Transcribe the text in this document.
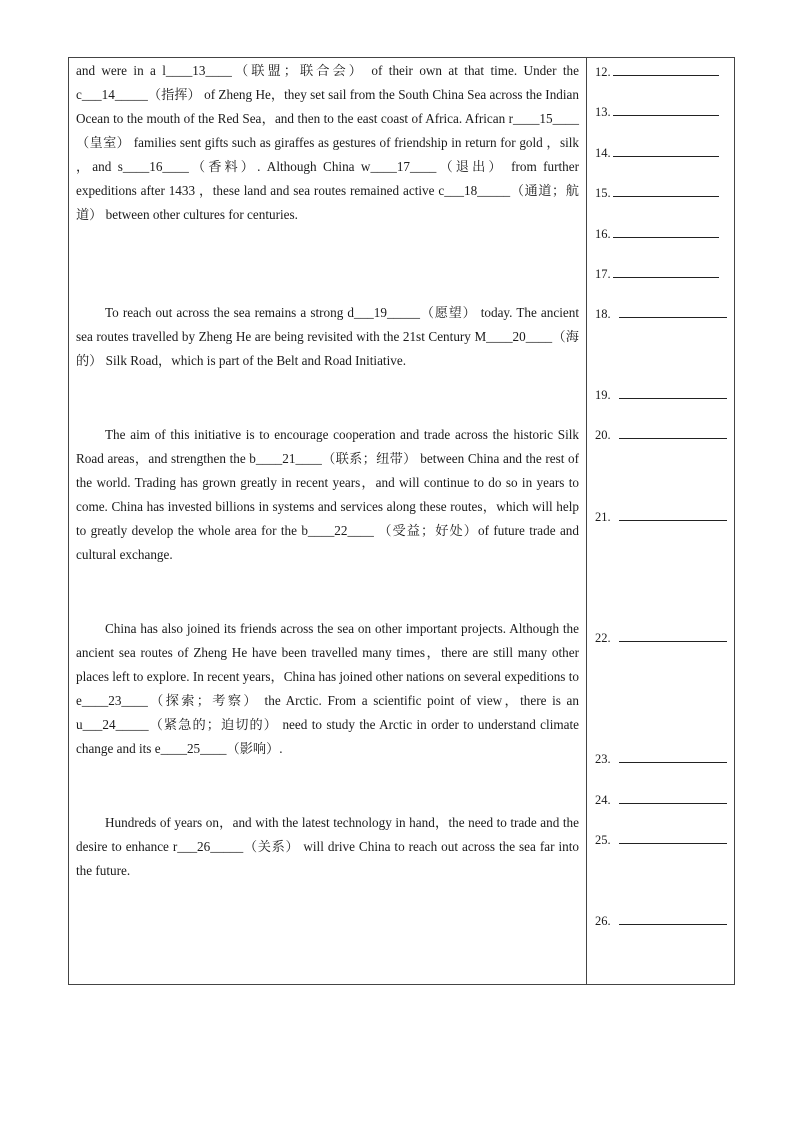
and were in a l____13____（联盟；联合会） of their own at that time. Under the c___14_____（指挥） of Zheng He，they set sail from the South China Sea across the Indian Ocean to the mouth of the Red Sea，and then to the east coast of Africa. African r____15____（皇室） families sent gifts such as giraffes as gestures of friendship in return for gold ，silk ，and s____16____（香料）. Although China w____17____（退出） from further expeditions after 1433 ，these land and sea routes remained active c___18_____（通道；航道） between other cultures for centuries.
To reach out across the sea remains a strong d___19_____（愿望） today. The ancient sea routes travelled by Zheng He are being revisited with the 21st Century M____20____（海的） Silk Road，which is part of the Belt and Road Initiative.
The aim of this initiative is to encourage cooperation and trade across the historic Silk Road areas，and strengthen the b____21____（联系；纽带） between China and the rest of the world. Trading has grown greatly in recent years，and will continue to do so in years to come. China has invested billions in systems and services along these routes，which will help to greatly develop the whole area for the b____22____ （受益；好处）of future trade and cultural exchange.
China has also joined its friends across the sea on other important projects. Although the ancient sea routes of Zheng He have been travelled many times，there are still many other places left to explore. In recent years，China has joined other nations on several expeditions to e____23____（探索；考察） the Arctic. From a scientific point of view，there is an u___24_____（紧急的；迫切的） need to study the Arctic in order to understand climate change and its e____25____（影响）.
Hundreds of years on，and with the latest technology in hand，the need to trade and the desire to enhance r___26_____（关系） will drive China to reach out across the sea far into the future.
12.
13.
14.
15.
16.
17.
18.
19.
20.
21.
22.
23.
24.
25.
26.
